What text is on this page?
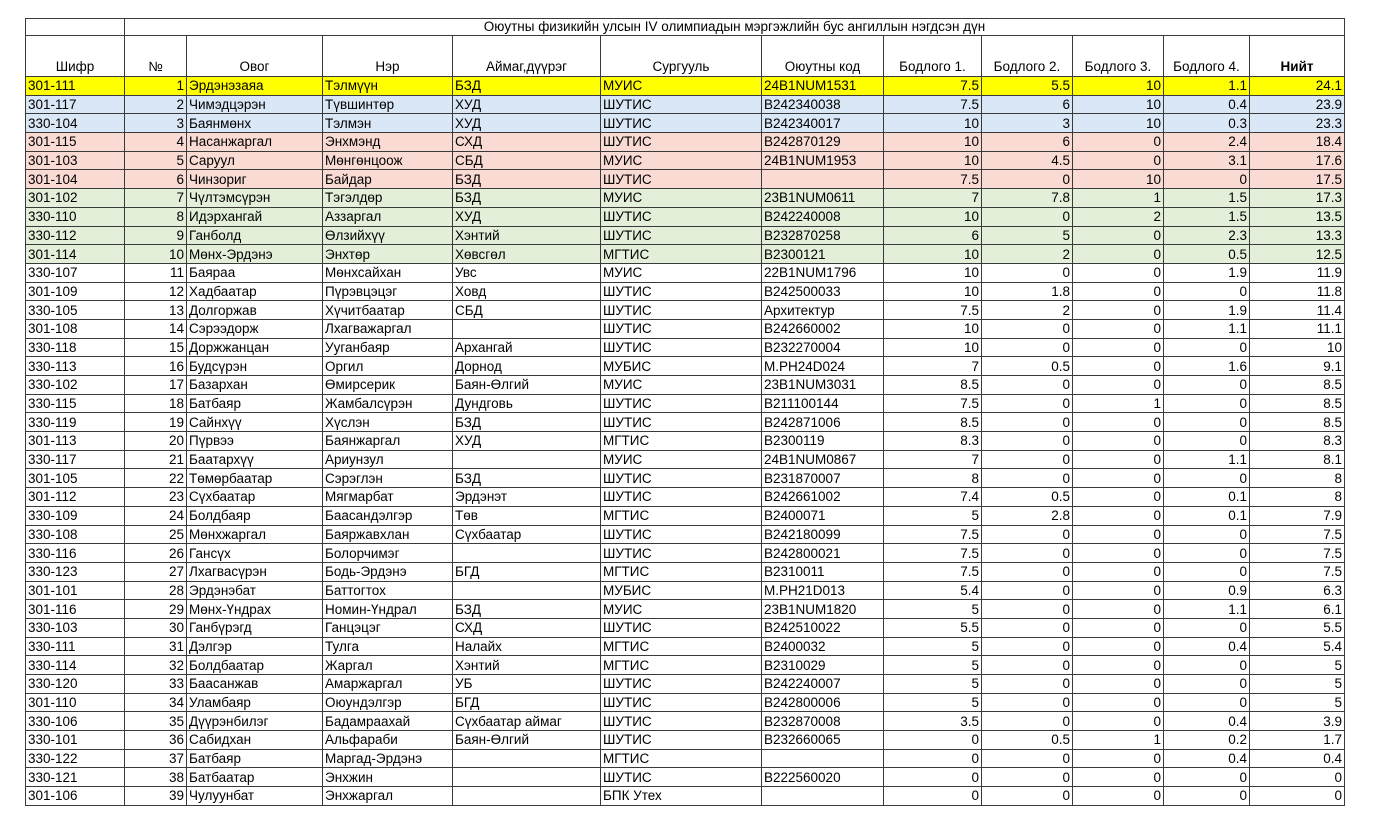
	Оюутны физикийн улсын IV олимпиадын мэргэжлийн бус ангиллын нэгдсэн дүн										
Шифр	№	Овог	Нэр	Аймаг,дүүрэг	Сургууль	Оюутны код	Бодлого 1.	Бодлого 2.	Бодлого 3.	Бодлого 4.	Нийт
301-111	1	Эрдэнэзаяа	Тэлмүүн	БЗД	МУИС	24B1NUM1531	7.5	5.5	10	1.1	24.1
301-117	2	Чимэдцэрэн	Түвшинтөр	ХУД	ШУТИС	B242340038	7.5	6	10	0.4	23.9
330-104	3	Баянмөнх	Тэлмэн	ХУД	ШУТИС	B242340017	10	3	10	0.3	23.3
301-115	4	Насанжаргал	Энхмэнд	СХД	ШУТИС	B242870129	10	6	0	2.4	18.4
301-103	5	Саруул	Мөнгөнцоож	СБД	МУИС	24B1NUM1953	10	4.5	0	3.1	17.6
301-104	6	Чинзориг	Байдар	БЗД	ШУТИС		7.5	0	10	0	17.5
301-102	7	Чүлтэмсүрэн	Тэгэлдөр	БЗД	МУИС	23B1NUM0611	7	7.8	1	1.5	17.3
330-110	8	Идэрхангай	Аззаргал	ХУД	ШУТИС	B242240008	10	0	2	1.5	13.5
330-112	9	Ганболд	Өлзийхүү	Хэнтий	ШУТИС	B232870258	6	5	0	2.3	13.3
301-114	10	Мөнх-Эрдэнэ	Энхтөр	Хөвсгөл	МГТИС	B2300121	10	2	0	0.5	12.5
330-107	11	Баяраа	Мөнхсайхан	Увс	МУИС	22B1NUM1796	10	0	0	1.9	11.9
301-109	12	Хадбаатар	Пүрэвцэцэг	Ховд	ШУТИС	B242500033	10	1.8	0	0	11.8
330-105	13	Долгоржав	Хүчитбаатар	СБД	ШУТИС	Архитектур	7.5	2	0	1.9	11.4
301-108	14	Сэрээдорж	Лхагважаргал		ШУТИС	B242660002	10	0	0	1.1	11.1
330-118	15	Доржжанцан	Ууганбаяр	Архангай	ШУТИС	B232270004	10	0	0	0	10
330-113	16	Будсүрэн	Оргил	Дорнод	МУБИС	M.PH24D024	7	0.5	0	1.6	9.1
330-102	17	Базархан	Өмирсерик	Баян-Өлгий	МУИС	23B1NUM3031	8.5	0	0	0	8.5
330-115	18	Батбаяр	Жамбалсүрэн	Дундговь	ШУТИС	B211100144	7.5	0	1	0	8.5
330-119	19	Сайнхүү	Хүслэн	БЗД	ШУТИС	B242871006	8.5	0	0	0	8.5
301-113	20	Пүрвээ	Баянжаргал	ХУД	МГТИС	B2300119	8.3	0	0	0	8.3
330-117	21	Баатархүү	Ариунзул		МУИС	24B1NUM0867	7	0	0	1.1	8.1
301-105	22	Төмөрбаатар	Сэрэглэн	БЗД	ШУТИС	B231870007	8	0	0	0	8
301-112	23	Сүхбаатар	Мягмарбат	Эрдэнэт	ШУТИС	B242661002	7.4	0.5	0	0.1	8
330-109	24	Болдбаяр	Баасандэлгэр	Төв	МГТИС	B2400071	5	2.8	0	0.1	7.9
330-108	25	Мөнхжаргал	Баяржавхлан	Сүхбаатар	ШУТИС	B242180099	7.5	0	0	0	7.5
330-116	26	Гансүх	Болорчимэг		ШУТИС	B242800021	7.5	0	0	0	7.5
330-123	27	Лхагвасүрэн	Бодь-Эрдэнэ	БГД	МГТИС	B2310011	7.5	0	0	0	7.5
301-101	28	Эрдэнэбат	Баттогтох		МУБИС	M.PH21D013	5.4	0	0	0.9	6.3
301-116	29	Мөнх-Үндрах	Номин-Үндрал	БЗД	МУИС	23B1NUM1820	5	0	0	1.1	6.1
330-103	30	Ганбүрэгд	Ганцэцэг	СХД	ШУТИС	B242510022	5.5	0	0	0	5.5
330-111	31	Дэлгэр	Тулга	Налайх	МГТИС	B2400032	5	0	0	0.4	5.4
330-114	32	Болдбаатар	Жаргал	Хэнтий	МГТИС	B2310029	5	0	0	0	5
330-120	33	Баасанжав	Амаржаргал	УБ	ШУТИС	B242240007	5	0	0	0	5
301-110	34	Уламбаяр	Оюундэлгэр	БГД	ШУТИС	B242800006	5	0	0	0	5
330-106	35	Дүүрэнбилэг	Бадамраахай	Сүхбаатар аймаг	ШУТИС	B232870008	3.5	0	0	0.4	3.9
330-101	36	Сабидхан	Альфараби	Баян-Өлгий	ШУТИС	B232660065	0	0.5	1	0.2	1.7
330-122	37	Батбаяр	Маргад-Эрдэнэ		МГТИС		0	0	0	0.4	0.4
330-121	38	Батбаатар	Энхжин		ШУТИС	B222560020	0	0	0	0	0
301-106	39	Чулуунбат	Энхжаргал		БПК Утех		0	0	0	0	0
